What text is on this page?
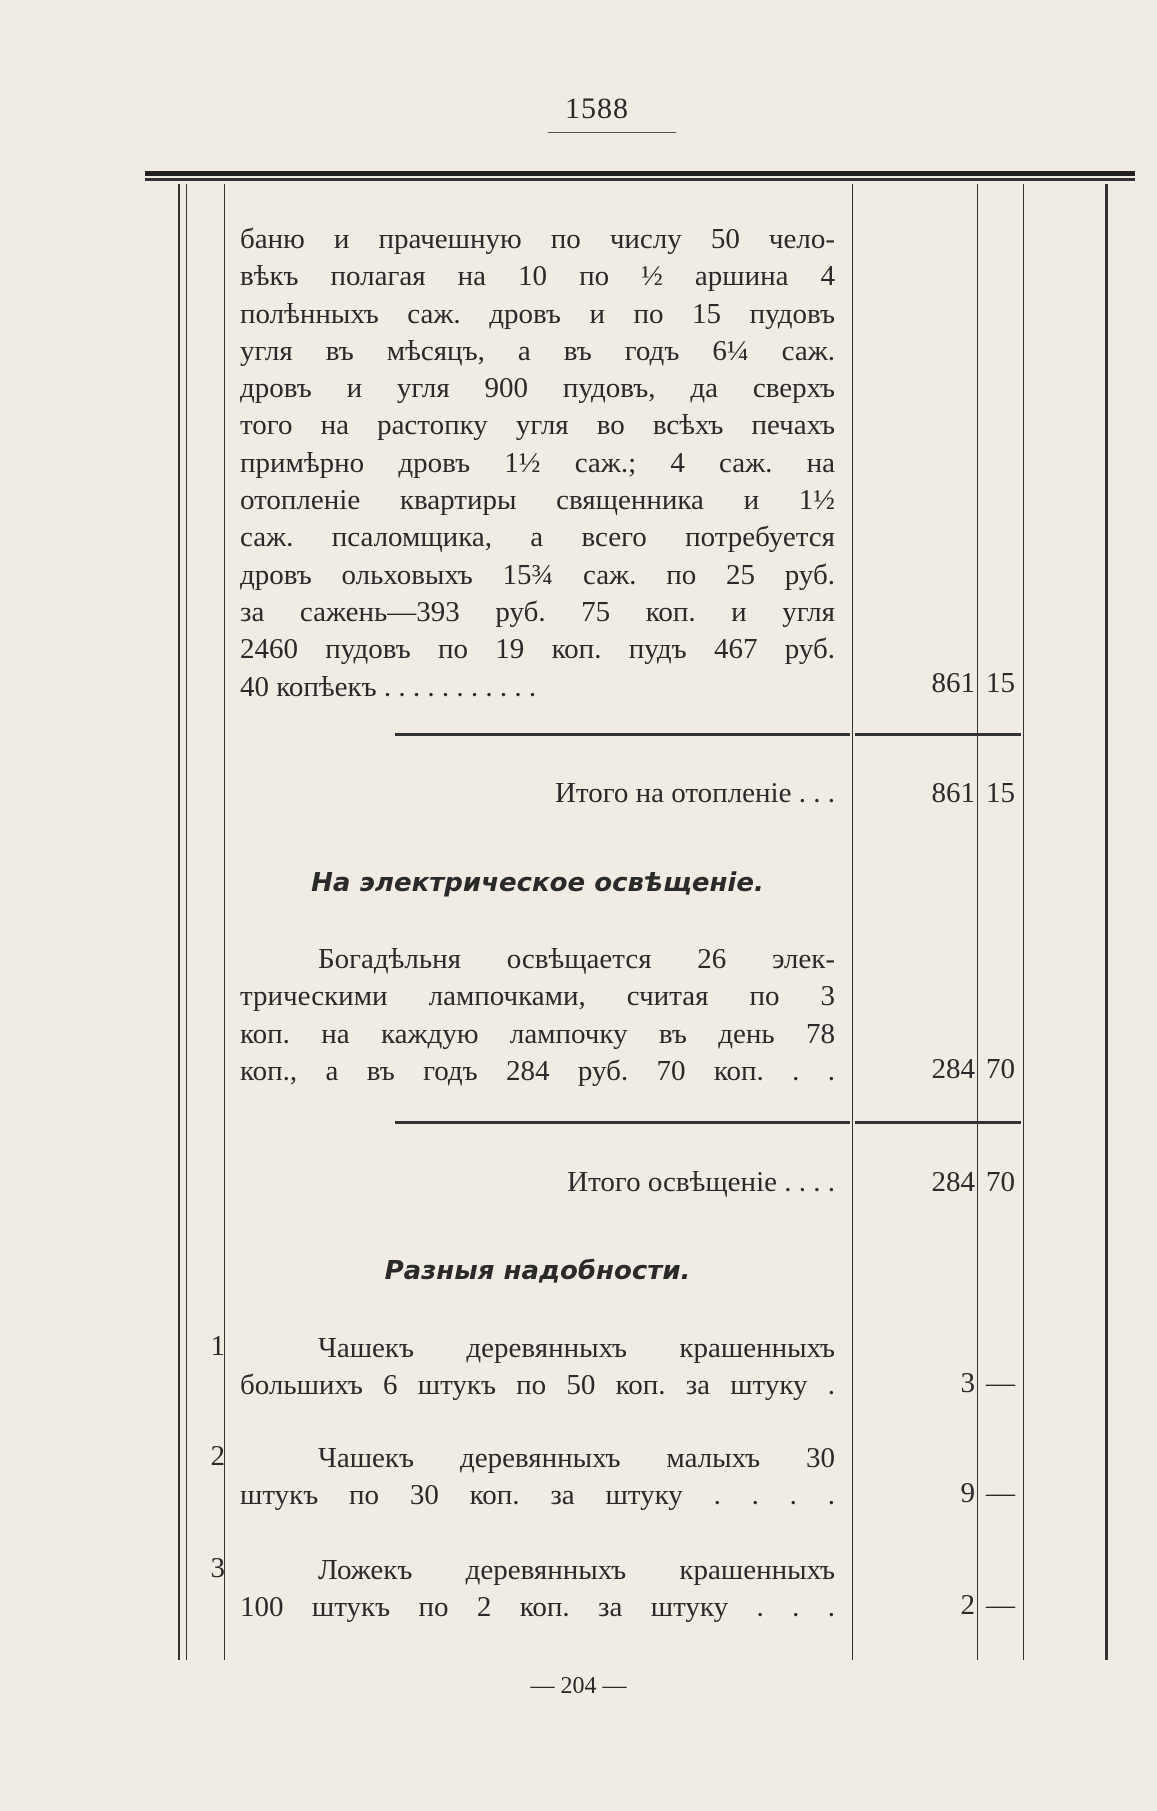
1588
баню и прачешную по числу 50 чело-
вѣкъ полагая на 10 по ½ аршина 4
полѣнныхъ саж. дровъ и по 15 пудовъ
угля въ мѣсяцъ, а въ годъ 6¼ саж.
дровъ и угля 900 пудовъ, да сверхъ
того на растопку угля во всѣхъ печахъ
примѣрно дровъ 1½ саж.; 4 саж. на
отопленіе квартиры священника и 1½
саж. псаломщика, а всего потребуется
дровъ ольховыхъ 15¾ саж. по 25 руб.
за сажень—393 руб. 75 коп. и угля
2460 пудовъ по 19 коп. пудъ 467 руб.
40 копѣекъ . . . . . . . . . . .	861 15
Итого на отопленіе . . .	861 15
На электрическое освѣщеніе.
Богадѣльня освѣщается 26 элек-
трическими лампочками, считая по 3
коп. на каждую лампочку въ день 78
коп., а въ годъ 284 руб. 70 коп. . .	284 70
Итого освѣщеніе . . . .	284 70
Разныя надобности.
1	Чашекъ деревянныхъ крашенныхъ
большихъ 6 штукъ по 50 коп. за штуку .	3 —
2	Чашекъ деревянныхъ малыхъ 30
штукъ по 30 коп. за штуку . . . .	9 —
3	Ложекъ деревянныхъ крашенныхъ
100 штукъ по 2 коп. за штуку . . .	2 —
— 204 —
